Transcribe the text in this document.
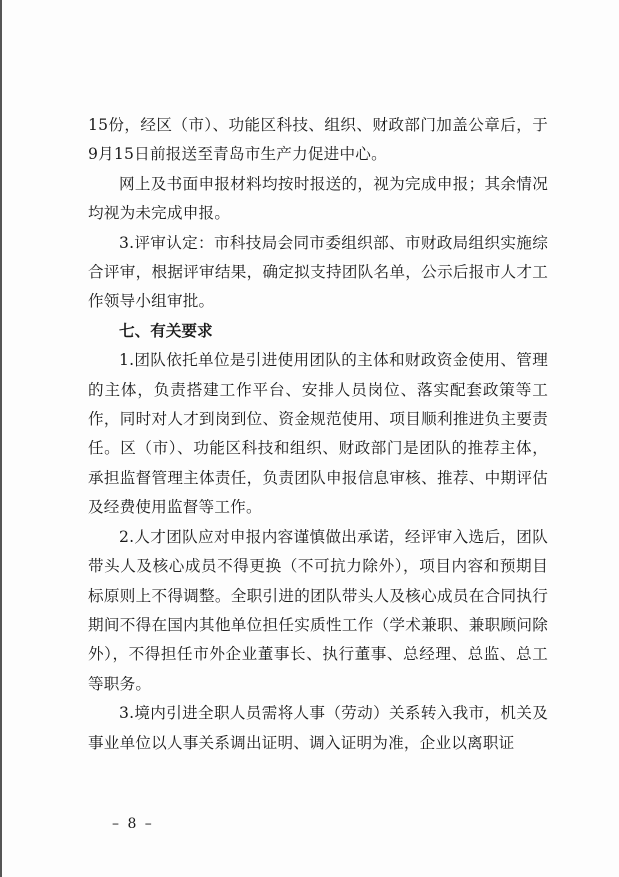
15份，经区（市）、功能区科技、组织、财政部门加盖公章后，于9月15日前报送至青岛市生产力促进中心。

网上及书面申报材料均按时报送的，视为完成申报；其余情况均视为未完成申报。

3.评审认定：市科技局会同市委组织部、市财政局组织实施综合评审，根据评审结果，确定拟支持团队名单，公示后报市人才工作领导小组审批。

七、有关要求

1.团队依托单位是引进使用团队的主体和财政资金使用、管理的主体，负责搭建工作平台、安排人员岗位、落实配套政策等工作，同时对人才到岗到位、资金规范使用、项目顺利推进负主要责任。区（市）、功能区科技和组织、财政部门是团队的推荐主体，承担监督管理主体责任，负责团队申报信息审核、推荐、中期评估及经费使用监督等工作。

2.人才团队应对申报内容谨慎做出承诺，经评审入选后，团队带头人及核心成员不得更换（不可抗力除外），项目内容和预期目标原则上不得调整。全职引进的团队带头人及核心成员在合同执行期间不得在国内其他单位担任实质性工作（学术兼职、兼职顾问除外），不得担任市外企业董事长、执行董事、总经理、总监、总工等职务。

3.境内引进全职人员需将人事（劳动）关系转入我市，机关及事业单位以人事关系调出证明、调入证明为准，企业以离职证

– 8 –
